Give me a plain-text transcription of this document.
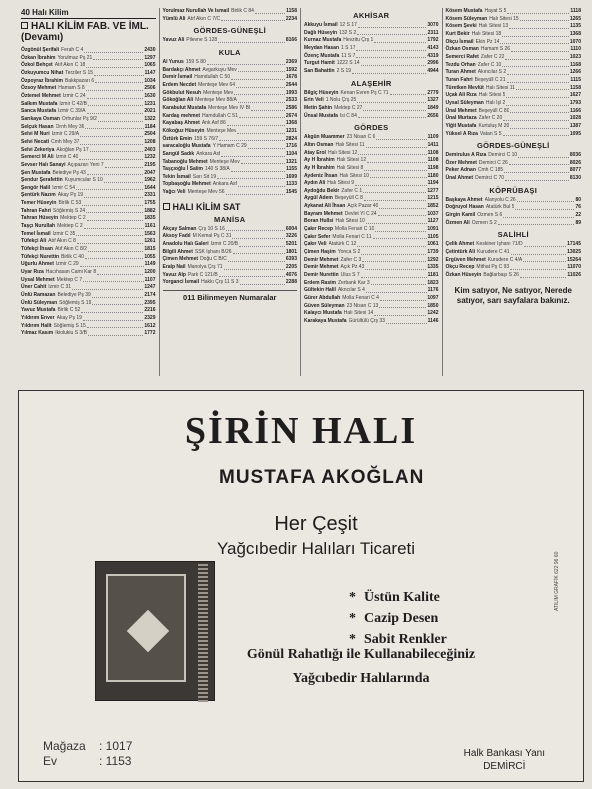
40 Halı Kilim
HALI KİLİM FAB. VE İML. (Devamı)
Özgönül Şerifali Ferah C 4	2430
Özkan İbrahim Yorulmaz Pş 21	1297
Özkol Behçet Atıf Akın C 18	1065
Özkuyumcu Nihat Terziler S 15	1147
Özpoyraz İbrahim Bakkpazarı 6	1034
Özsoy Mehmet Hamam S 8	2506
Öztemel Mehmet İzmir C 24	1630
Salkım Mustafa İzmir C 42/B	1231
Sanca Mustafa İzmir C 39/A	2021
Sarıkaya Osman Orhunlar Pş 9/2	1322
Selçuk Hasan Ornh Mey 36	1184
Selvi M Nuri İzmir C 29/A	2504
Selvi Necati Cmh Mey 37	1208
Selvi Zekeriya Akoğlan Pş 17	2403
Semerci M Ali İzmir C 40	1232
Sevser Halı Sanayi Açıpazarı Yeni 7	2195
Şen Mustafa Belediye Pş 43	2047
Şendur Şerafettin Kuyumcular S 10	1962
Şengör Halil İzmir C 54	1644
Şentürk Nazım Akay Pş 19	2331
Temer Hüseyin Birlik C 53	1755
Tahran Fahri Söğlemiş S 24	1882
Tahran Hüseyin Mektep C 2	1835
Taşçı Nurullah Mektep C 2	1161
Temel İsmail İzmir C 35	1563
Tüfekçi Ali Atıf Akın C 8	1261
Tüfekçi İhsan Atıf Akın C 8/2	1815
Tüfekçi Nurettin Birlik C 40	1055
Uğurlu Ahmet İzmir C 29	1149
Uyar Rıza Hacıhasan Cami Kar 8	1200
Uysal Mehmet Mektep C 7	1107
Üner Cahit İzmir C 31	1247
Ünlü Ramazan Belediye Pş 39	2174
Ünlü Süleyman Söğlemiş S 19	2395
Yavuz Mustafa Birlik C 52	2216
Yıldırım Enver Akay Pş 19	2329
Yıldırım Halit Söğlemiş S 15	1612
Yılmaz Kasım İkiolukiu S 3/B	1772
Yorulmaz Nurullah Ve İsmail Birlik C 84	1158
Yümlü Ali Atıf Akın C 7/C	2234
GÖRDES-GÜNEŞLİ
Yavuz Ali Pilevne S 128	8166
KULA
Al Yunus 159 S 80	2369
Bardakçı Ahmet Avgarkuyu Mev	1592
Demir İsmail Hamdullah C 50	1678
Erdem Necdet Menteşe Mev 64	2644
Gökbulut Nesuh Menteşe Mev	1993
Gökoğlan Ali Menteşe Mev 88/A	2533
Karabulut Mustafa Menteşe Mev IV Bl	2586
Kardaş mehmet Hamdullah C 51	2674
Kayabaş Ahmet Ank Asf 86	1368
Kökoğuz Hüseyin Menteşe Mev	1231
Öztürk Emin 159 S 76/7	2824
saracaloğlu Mustafa Y Hamam C 29	1716
Sarıgül Sadık Ankara Asf	1104
Tabanoğlu Mehmet Menteşe Mev	1321
Taşçıoğlu İ Salim 140 S 38/A	1155
Tekin İsmail Sarı Sit 19	1699
Topbaşoğlu Mehmet Ankara Asf	1133
Yağcı Veli Menteşe Mev 56	1545
HALI KİLİM SAT
MANİSA
Akçay Salman Çrş 10 S 16	6004
Aksoy Fadıl M Kemal Pş C 31	3226
Anadolu Halı Galeri İzmir C 20/B	5201
Bilgili Ahmet SSK İşhanı B/26	1801
Çimen Mehmet Doğu C B/C	6393
Eralp Nail Manolya Çrş 71	2205
Yavuz Alp Park C 121/B	4076
Yorganci İsmail Hakkı Çrş 11 S 3	2288
011 Bilinmeyen Numaralar
AKHİSAR
Akkuyu İsmail 12 S 17	3070
Dağlı Hüseyin 132 S 2	2311
Kurnaz Mustafa Hevzitu Çrş 1	1792
Meydan Hasan 1 S 17	4143
Özenç Mustafa 11 S 7	4319
Turgut Hamit 1222 S 14	2996
San Bahattin 2 S 19	4944
ALAŞEHİR
Bilgiç Hüseyin Kenan Evren Pş C 71	2779
Erin Veli 1 Nolu Çrş 25	1327
Metin Şahin Mektep C 27	1849
Ünsal Mustafa İsi C 84	2656
GÖRDES
Akgün Muammer 23 Nisan C 6	1109
Altın Osman Halı Sitesi 11	1411
Atay Erol Halı Sitesi 12	1108
Ay H İbrahim Halı Sitesi 12	1108
Ay H İbrahim Halı Sitesi 8	1198
Aydeniz İhsan Halı Sitesi 10	1180
Aydın Ali Halı Sitesi 9	1194
Aydoğdu Bekir Zafer C 1	1277
Aygül Adem Beşeyüll C 8	1215
Aykanat Ali İhsan Açık Pazar 40	1852
Bayram Mehmet Devlet Yl C 24	1037
Boran Hullsi Halı Sitesi 10	1127
Çakır Recep Molla Fenari C 10	1091
Çakır Sefer Molla Fenari C 11	1105
Çakır Veli Atatürk C 12	1061
Çimen Haşim Yonca S 2	1739
Demir Mehmet Zafer C 3	1292
Demir Mehmet Açık Pz 43	1335
Demir Nurettin Ulus S 7	1181
Erdem Rasim Zerbank Kar 3	1823
Gültekin Halil Akncılar S 4	1176
Gürer Abdullah Molla Fenari C 4	1097
Güven Süleyman 23 Nisan C 13	1850
Kalaycı Mustafa Halı Sitesi 14	1242
Karakaya Mustafa Gürültülü Çrş 33	1146
Kösem Mustafa Hayat S 5	1118
Kösem Süleyman Halı Sitesi 15	1265
Kösem Şevki Halı Sitesi 13	1135
Kurt Bekir Halı Sitesi 18	1368
Okçu İsmail Ekin Pz 14	1070
Özkan Osman Hamam S 26	1110
Semerci Rafet Zafer C 22	1023
Tezdu Orhan Zafer C 10	1168
Turan Ahmet Akıncılar S 2	1266
Turan Fahri Beşeyüll C 21	1115
Türetken Mevlüt Halı Sitesi 11	1158
Uçak Ali Rıza Halı Sitesi 5	1627
Uysal Süleyman Halı İşl 2	1793
Ünal Mehmet Beşeyüll C 80	1166
Ünal Murtaza Zafer C 20	1028
Yiğit Mustafa Kurtuluş M 20	1387
Yüksel A Rıza Vatan S 5	1095
GÖRDES-GÜNEŞLİ
Demirulus A Rıza Demirci C 10	8036
Özer Mehmet Demirci C 26	8026
Peker Adnan Cmh C 185	8077
Ünal Ahmet Demirci C 70	8130
KÖPRÜBAŞI
Başkaya Ahmet Alanyolu C 26	80
Doğruyol Hasan Atatürk Bul 5	76
Girgin Kamil Özmen S 6	22
Özmen Ali Özmen S 2	89
SALİHLİ
Çelik Ahmet Keskiner İşhanı 71/D	17145
Çetintürk Ali Kurudere C 41	13025
Ergüven Mehmet Kurudere C 4/A	15264
Okçu Recep Mithat Pş C 93	11070
Özkan Hüseyin Bağlarbaşı S 26	11026
Kim satıyor, Ne satıyor, Nerede satıyor, sarı sayfalara bakınız.
ŞİRİN HALI
MUSTAFA AKOĞLAN
Her Çeşit
Yağcıbedir Halıları Ticareti
* Üstün Kalite
* Cazip Desen
* Sabit Renkler
Gönül Rahatlığı ile Kullanabileceğiniz
Yağcıbedir Halılarında
ATILIM GRAFİK 622 96 60
Mağaza : 1017
Ev	: 1153
Halk Bankası Yanı
DEMİRCİ
